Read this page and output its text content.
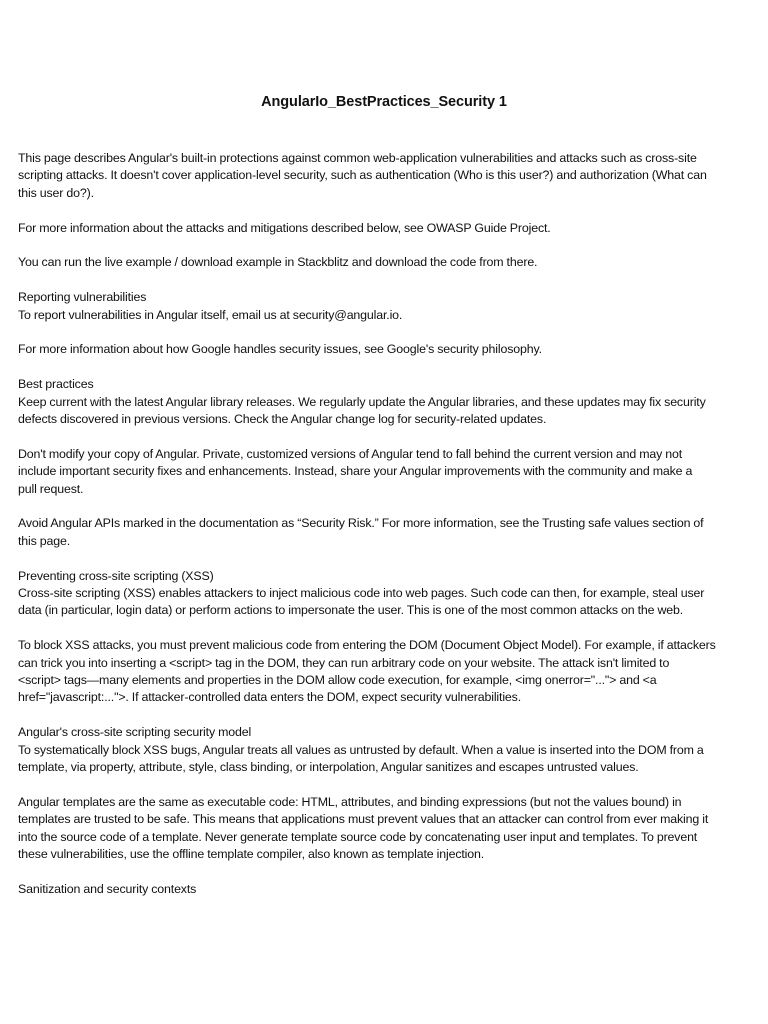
AngularIo_BestPractices_Security 1
This page describes Angular's built-in protections against common web-application vulnerabilities and attacks such as cross-site
scripting attacks. It doesn't cover application-level security, such as authentication (Who is this user?) and authorization (What can
this user do?).
For more information about the attacks and mitigations described below, see OWASP Guide Project.
You can run the live example / download example in Stackblitz and download the code from there.
Reporting vulnerabilities
To report vulnerabilities in Angular itself, email us at security@angular.io.
For more information about how Google handles security issues, see Google's security philosophy.
Best practices
Keep current with the latest Angular library releases. We regularly update the Angular libraries, and these updates may fix security
defects discovered in previous versions. Check the Angular change log for security-related updates.
Don't modify your copy of Angular. Private, customized versions of Angular tend to fall behind the current version and may not
include important security fixes and enhancements. Instead, share your Angular improvements with the community and make a
pull request.
Avoid Angular APIs marked in the documentation as “Security Risk.” For more information, see the Trusting safe values section of
this page.
Preventing cross-site scripting (XSS)
Cross-site scripting (XSS) enables attackers to inject malicious code into web pages. Such code can then, for example, steal user
data (in particular, login data) or perform actions to impersonate the user. This is one of the most common attacks on the web.
To block XSS attacks, you must prevent malicious code from entering the DOM (Document Object Model). For example, if attackers
can trick you into inserting a <script> tag in the DOM, they can run arbitrary code on your website. The attack isn't limited to
<script> tags—many elements and properties in the DOM allow code execution, for example, <img onerror="..."> and <a
href="javascript:...">. If attacker-controlled data enters the DOM, expect security vulnerabilities.
Angular's cross-site scripting security model
To systematically block XSS bugs, Angular treats all values as untrusted by default. When a value is inserted into the DOM from a
template, via property, attribute, style, class binding, or interpolation, Angular sanitizes and escapes untrusted values.
Angular templates are the same as executable code: HTML, attributes, and binding expressions (but not the values bound) in
templates are trusted to be safe. This means that applications must prevent values that an attacker can control from ever making it
into the source code of a template. Never generate template source code by concatenating user input and templates. To prevent
these vulnerabilities, use the offline template compiler, also known as template injection.
Sanitization and security contexts
